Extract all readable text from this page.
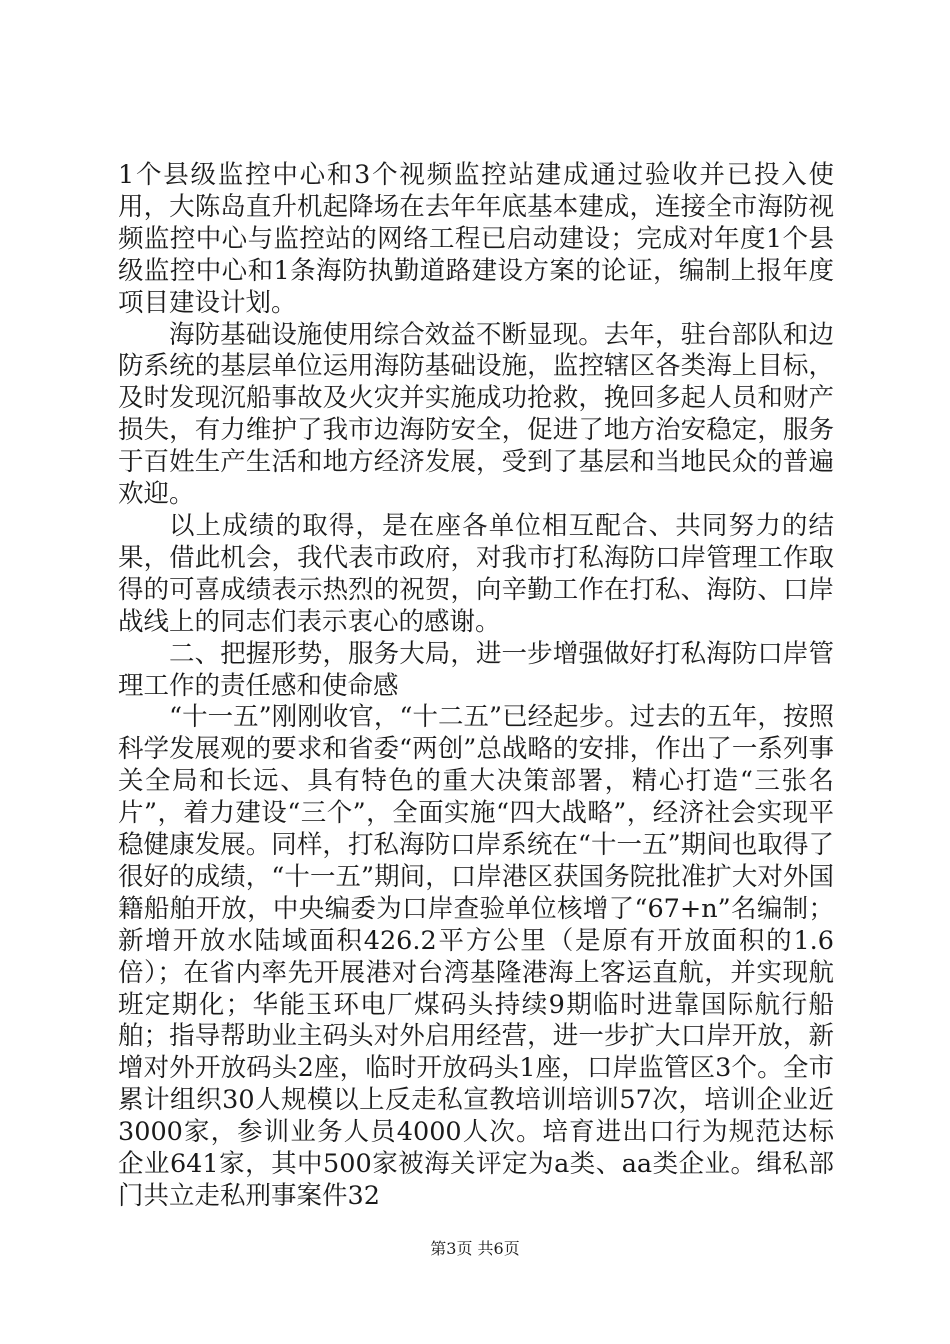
1个县级监控中心和3个视频监控站建成通过验收并已投入使用，大陈岛直升机起降场在去年年底基本建成，连接全市海防视频监控中心与监控站的网络工程已启动建设；完成对年度1个县级监控中心和1条海防执勤道路建设方案的论证，编制上报年度项目建设计划。

海防基础设施使用综合效益不断显现。去年，驻台部队和边防系统的基层单位运用海防基础设施，监控辖区各类海上目标，及时发现沉船事故及火灾并实施成功抢救，挽回多起人员和财产损失，有力维护了我市边海防安全，促进了地方治安稳定，服务于百姓生产生活和地方经济发展，受到了基层和当地民众的普遍欢迎。

以上成绩的取得，是在座各单位相互配合、共同努力的结果，借此机会，我代表市政府，对我市打私海防口岸管理工作取得的可喜成绩表示热烈的祝贺，向辛勤工作在打私、海防、口岸战线上的同志们表示衷心的感谢。

二、把握形势，服务大局，进一步增强做好打私海防口岸管理工作的责任感和使命感

“十一五”刚刚收官，“十二五”已经起步。过去的五年，按照科学发展观的要求和省委“两创”总战略的安排，作出了一系列事关全局和长远、具有特色的重大决策部署，精心打造“三张名片”，着力建设“三个”，全面实施“四大战略”，经济社会实现平稳健康发展。同样，打私海防口岸系统在“十一五”期间也取得了很好的成绩，“十一五”期间，口岸港区获国务院批准扩大对外国籍船舶开放，中央编委为口岸查验单位核增了“67+n”名编制；新增开放水陆域面积426.2平方公里（是原有开放面积的1.6倍）；在省内率先开展港对台湾基隆港海上客运直航，并实现航班定期化；华能玉环电厂煤码头持续9期临时进靠国际航行船舶；指导帮助业主码头对外启用经营，进一步扩大口岸开放，新增对外开放码头2座，临时开放码头1座，口岸监管区3个。全市累计组织30人规模以上反走私宣教培训培训57次，培训企业近3000家，参训业务人员4000人次。培育进出口行为规范达标企业641家，其中500家被海关评定为a类、aa类企业。缉私部门共立走私刑事案件32

第3页 共6页
